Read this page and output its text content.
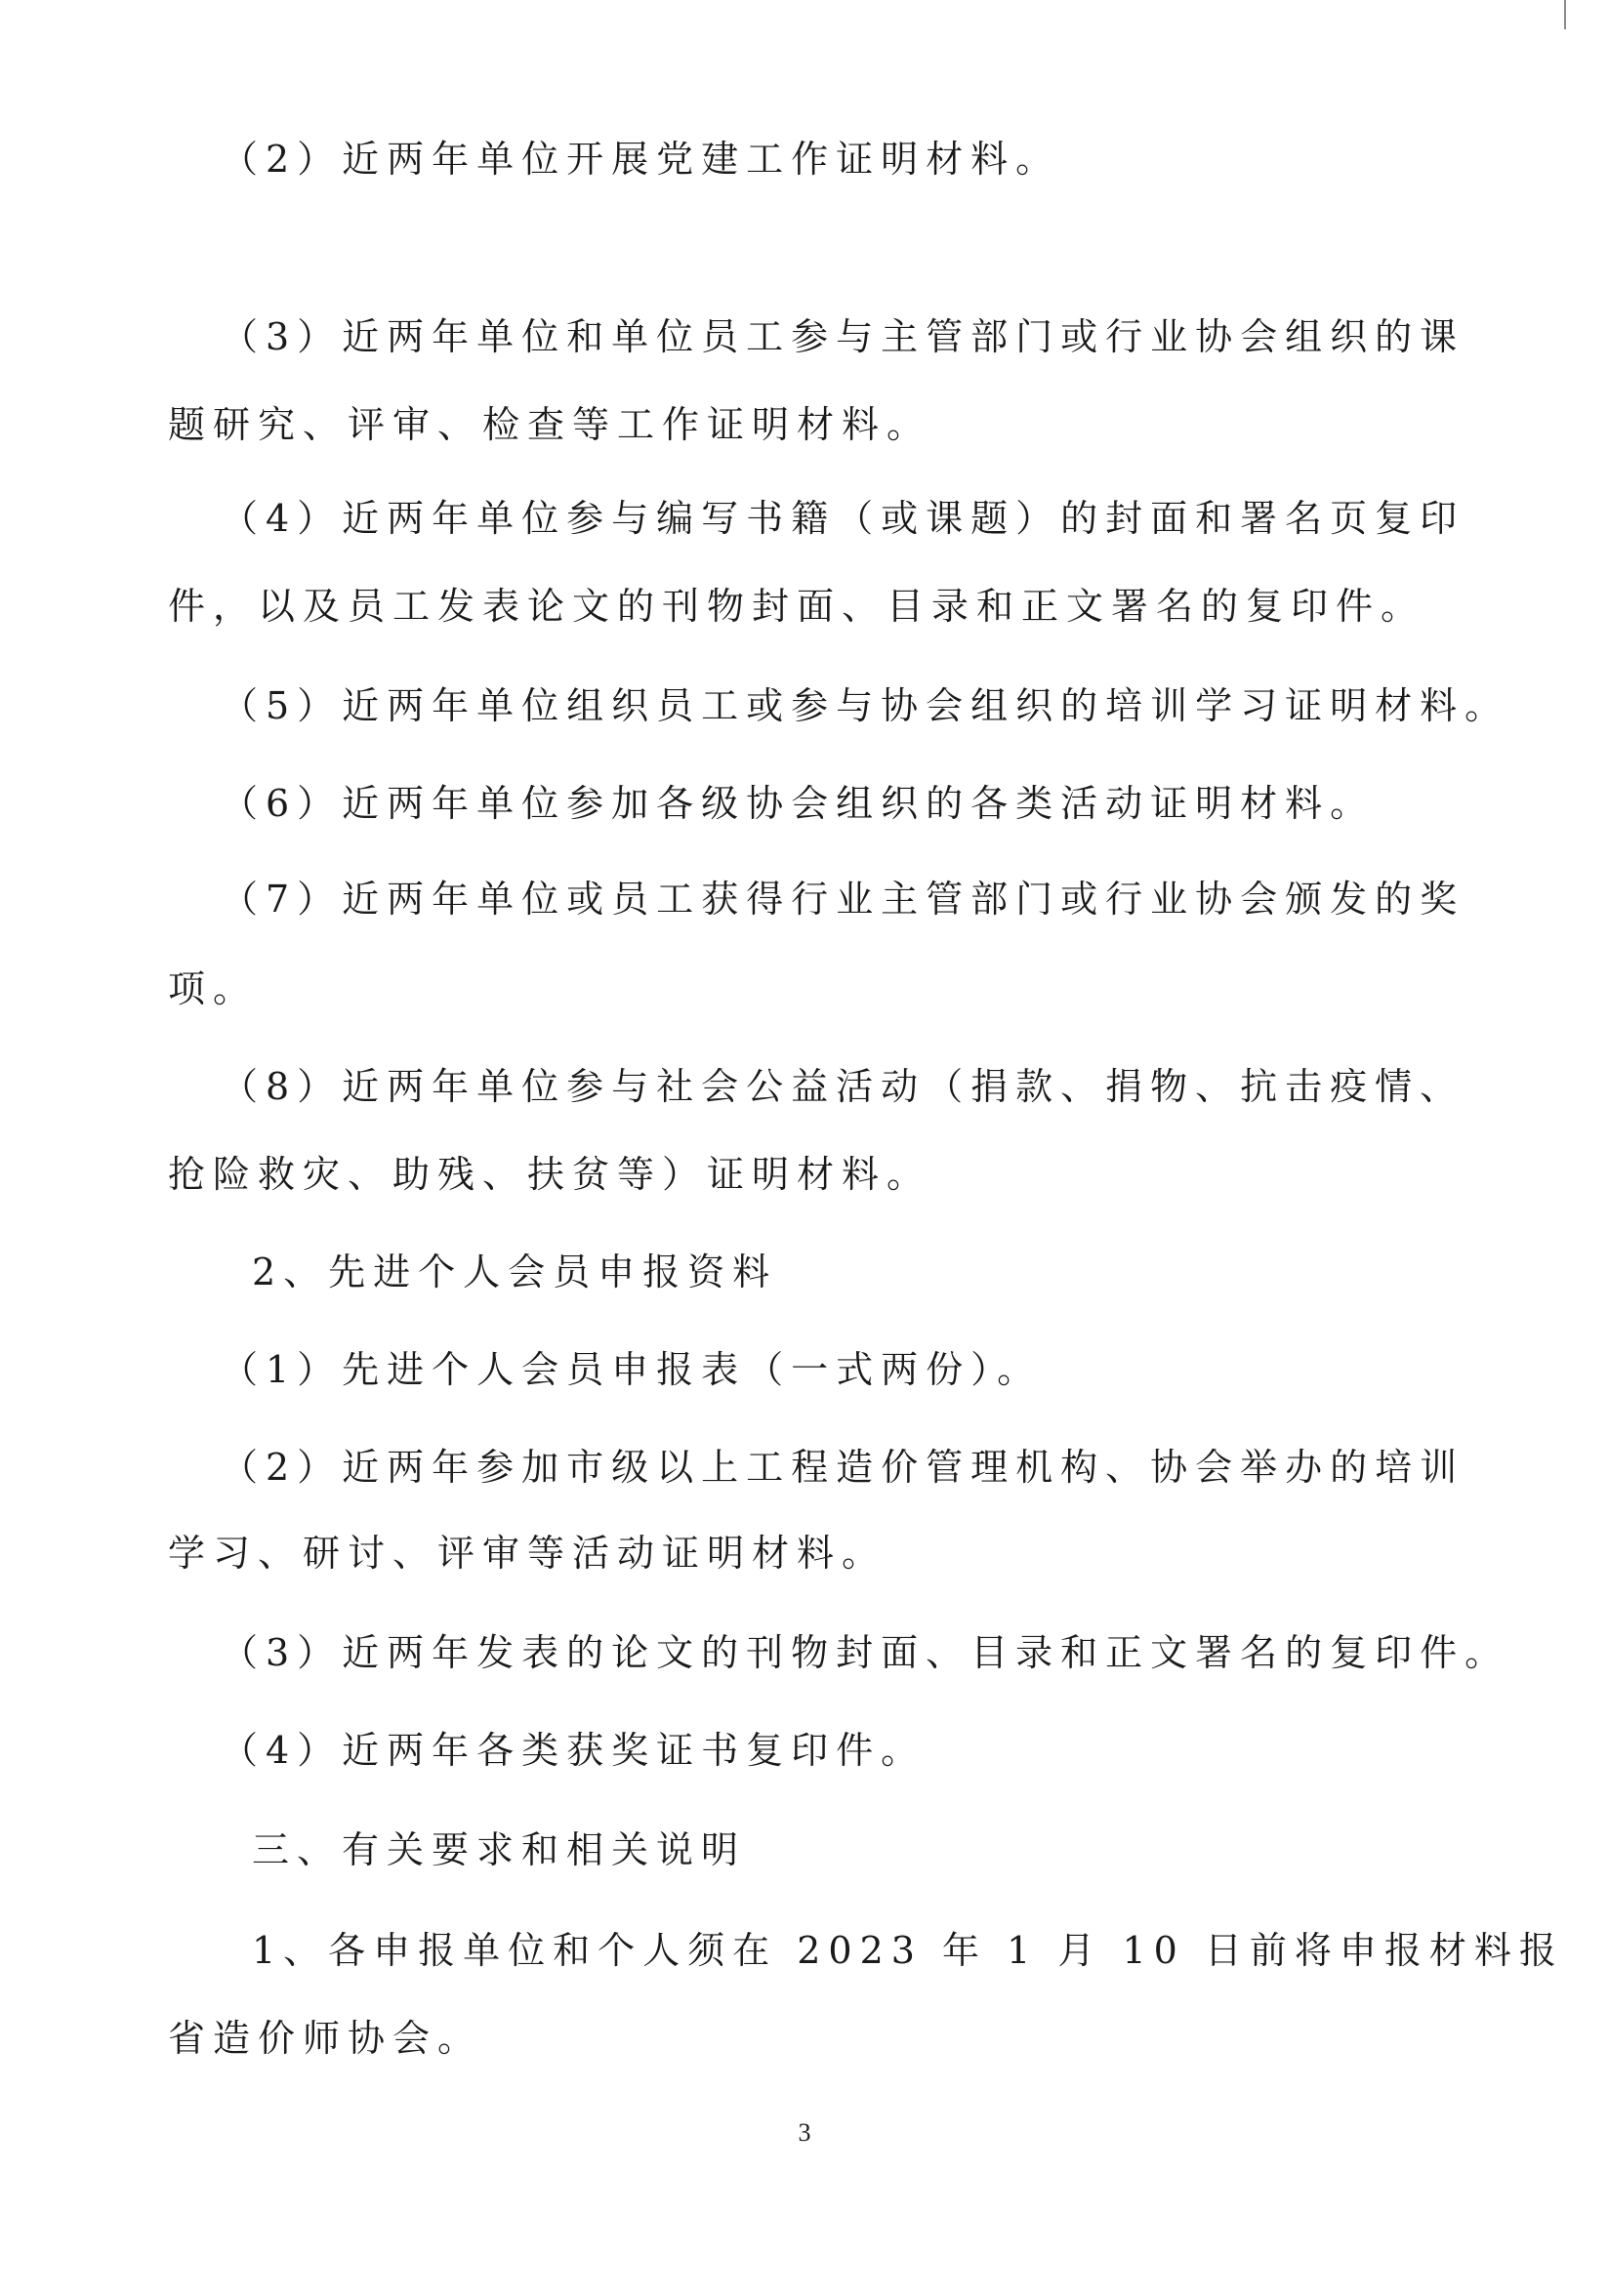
（2）近两年单位开展党建工作证明材料。
（3）近两年单位和单位员工参与主管部门或行业协会组织的课
题研究、评审、检查等工作证明材料。
（4）近两年单位参与编写书籍（或课题）的封面和署名页复印
件，以及员工发表论文的刊物封面、目录和正文署名的复印件。
（5）近两年单位组织员工或参与协会组织的培训学习证明材料。
（6）近两年单位参加各级协会组织的各类活动证明材料。
（7）近两年单位或员工获得行业主管部门或行业协会颁发的奖
项。
（8）近两年单位参与社会公益活动（捐款、捐物、抗击疫情、
抢险救灾、助残、扶贫等）证明材料。
2、先进个人会员申报资料
（1）先进个人会员申报表（一式两份）。
（2）近两年参加市级以上工程造价管理机构、协会举办的培训
学习、研讨、评审等活动证明材料。
（3）近两年发表的论文的刊物封面、目录和正文署名的复印件。
（4）近两年各类获奖证书复印件。
三、有关要求和相关说明
1、各申报单位和个人须在 2023 年 1 月 10 日前将申报材料报
省造价师协会。
3
